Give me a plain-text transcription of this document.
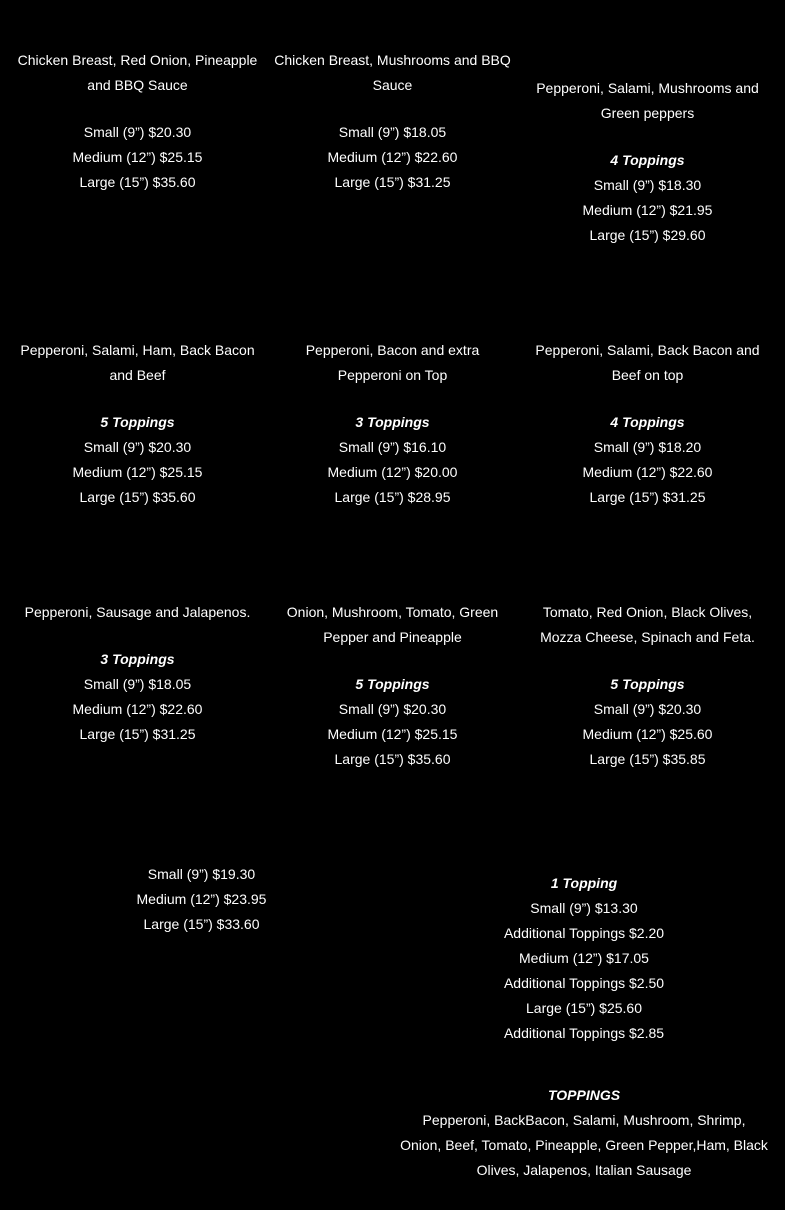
Chicken Breast, Red Onion, Pineapple and BBQ Sauce

Small (9”) $20.30

Medium (12”) $25.15

Large (15”) $35.60

Chicken Breast, Mushrooms and BBQ Sauce

Small (9”) $18.05

Medium (12”) $22.60

Large (15”) $31.25

Pepperoni, Salami, Mushrooms and Green peppers

4 Toppings

Small (9”) $18.30

Medium (12”) $21.95

Large (15”) $29.60

Pepperoni, Salami, Ham, Back Bacon and Beef

5 Toppings

Small (9”) $20.30

Medium (12”) $25.15

Large (15”) $35.60

Pepperoni, Bacon and extra Pepperoni on Top

3 Toppings

Small (9”) $16.10

Medium (12”) $20.00

Large (15”) $28.95

Pepperoni, Salami, Back Bacon and Beef on top

4 Toppings

Small (9”) $18.20

Medium (12”) $22.60

Large (15”) $31.25

Pepperoni, Sausage and Jalapenos.

3 Toppings

Small (9”) $18.05

Medium (12”) $22.60

Large (15”) $31.25

Onion, Mushroom, Tomato, Green Pepper and Pineapple

5 Toppings

Small (9”) $20.30

Medium (12”) $25.15

Large (15”) $35.60

Tomato, Red Onion, Black Olives, Mozza Cheese, Spinach and Feta.

5 Toppings

Small (9”) $20.30

Medium (12”) $25.60

Large (15”) $35.85

Small (9”) $19.30

Medium (12”) $23.95

Large (15”) $33.60

1 Topping

Small (9”) $13.30

Additional Toppings $2.20

Medium (12”) $17.05

Additional Toppings $2.50

Large (15”) $25.60

Additional Toppings $2.85

TOPPINGS

Pepperoni, BackBacon, Salami, Mushroom, Shrimp, Onion, Beef, Tomato, Pineapple, Green Pepper,Ham, Black Olives, Jalapenos, Italian Sausage
